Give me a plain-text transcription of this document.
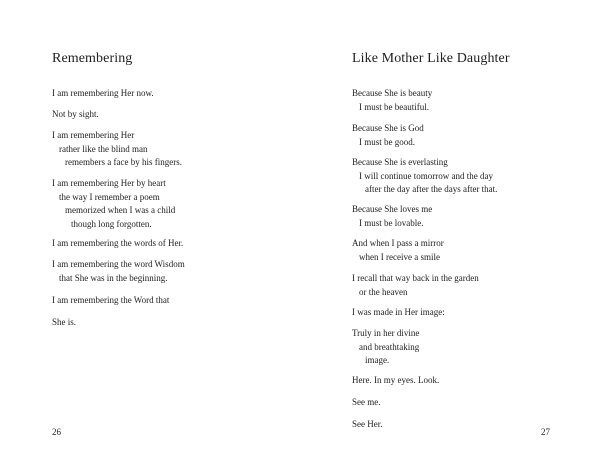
Remembering

I am remembering Her now.

Not by sight.

I am remembering Her
rather like the blind man
remembers a face by his fingers.

I am remembering Her by heart
the way I remember a poem
memorized when I was a child
though long forgotten.

I am remembering the words of Her.

I am remembering the word Wisdom
that She was in the beginning.

I am remembering the Word that

She is.

26
Like Mother Like Daughter

Because She is beauty
I must be beautiful.

Because She is God
I must be good.

Because She is everlasting
I will continue tomorrow and the day
after the day after the days after that.

Because She loves me
I must be lovable.

And when I pass a mirror
when I receive a smile

I recall that way back in the garden
or the heaven

I was made in Her image:

Truly in her divine
and breathtaking
image.

Here. In my eyes. Look.

See me.

See Her.

27
